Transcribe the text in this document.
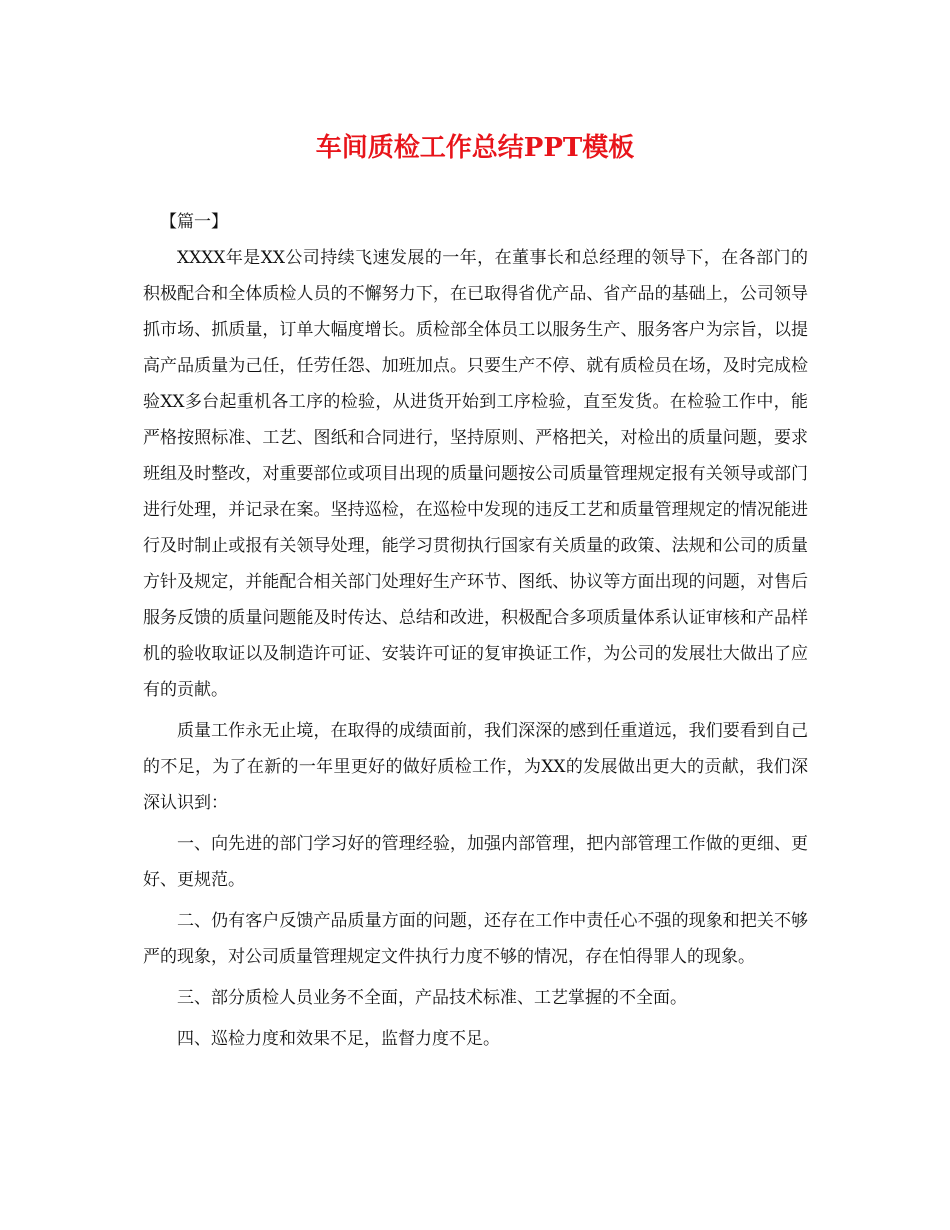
车间质检工作总结PPT模板

【篇一】

XXXX年是XX公司持续飞速发展的一年，在董事长和总经理的领导下，在各部门的积极配合和全体质检人员的不懈努力下，在已取得省优产品、省产品的基础上，公司领导抓市场、抓质量，订单大幅度增长。质检部全体员工以服务生产、服务客户为宗旨，以提高产品质量为己任，任劳任怨、加班加点。只要生产不停、就有质检员在场，及时完成检验XX多台起重机各工序的检验，从进货开始到工序检验，直至发货。在检验工作中，能严格按照标准、工艺、图纸和合同进行，坚持原则、严格把关，对检出的质量问题，要求班组及时整改，对重要部位或项目出现的质量问题按公司质量管理规定报有关领导或部门进行处理，并记录在案。坚持巡检，在巡检中发现的违反工艺和质量管理规定的情况能进行及时制止或报有关领导处理，能学习贯彻执行国家有关质量的政策、法规和公司的质量方针及规定，并能配合相关部门处理好生产环节、图纸、协议等方面出现的问题，对售后服务反馈的质量问题能及时传达、总结和改进，积极配合多项质量体系认证审核和产品样机的验收取证以及制造许可证、安装许可证的复审换证工作，为公司的发展壮大做出了应有的贡献。

质量工作永无止境，在取得的成绩面前，我们深深的感到任重道远，我们要看到自己的不足，为了在新的一年里更好的做好质检工作，为XX的发展做出更大的贡献，我们深深认识到：

一、向先进的部门学习好的管理经验，加强内部管理，把内部管理工作做的更细、更好、更规范。

二、仍有客户反馈产品质量方面的问题，还存在工作中责任心不强的现象和把关不够严的现象，对公司质量管理规定文件执行力度不够的情况，存在怕得罪人的现象。

三、部分质检人员业务不全面，产品技术标准、工艺掌握的不全面。

四、巡检力度和效果不足，监督力度不足。
